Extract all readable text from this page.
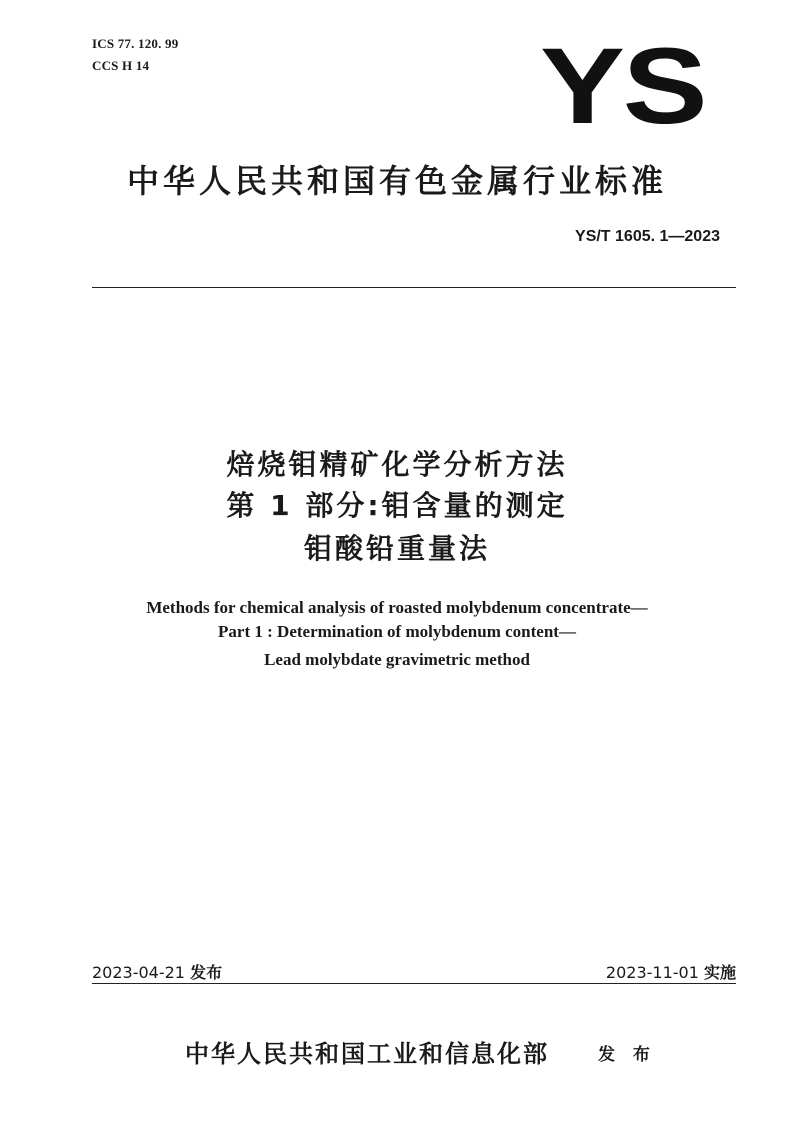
ICS 77. 120. 99
CCS H 14	YS
中华人民共和国有色金属行业标准
YS/T 1605. 1—2023
焙烧钼精矿化学分析方法
第 1 部分:钼含量的测定
钼酸铅重量法
Methods for chemical analysis of roasted molybdenum concentrate—
Part 1 : Determination of molybdenum content—
Lead molybdate gravimetric method
2023-04-21 发布	2023-11-01 实施
中华人民共和国工业和信息化部	发 布
